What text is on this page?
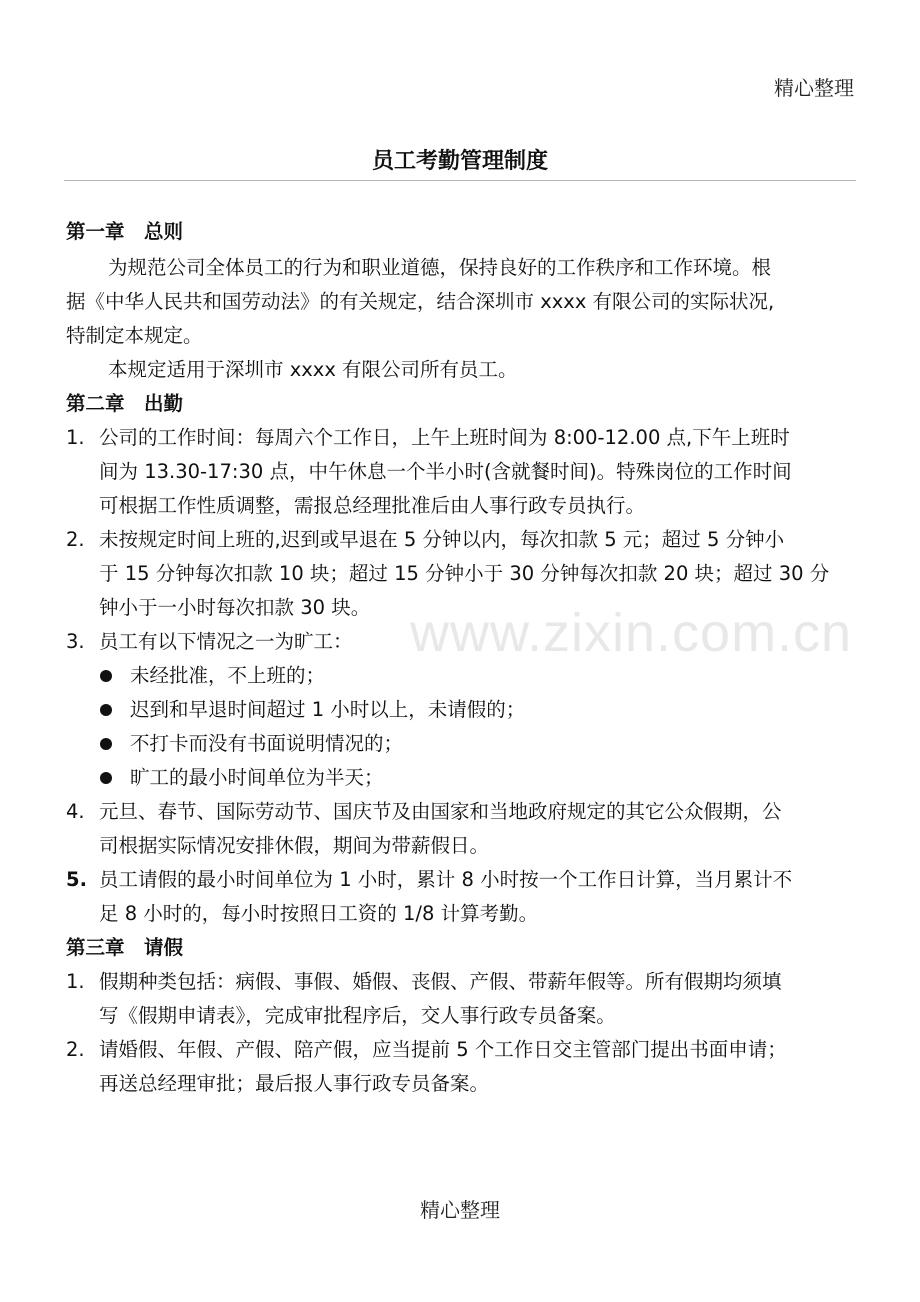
精心整理
员工考勤管理制度
第一章　总则
为规范公司全体员工的行为和职业道德，保持良好的工作秩序和工作环境。根
据《中华人民共和国劳动法》的有关规定，结合深圳市 xxxx 有限公司的实际状况,
特制定本规定。
本规定适用于深圳市 xxxx 有限公司所有员工。
第二章　出勤
1. 公司的工作时间：每周六个工作日，上午上班时间为 8:00-12.00 点,下午上班时
间为 13.30-17:30 点，中午休息一个半小时(含就餐时间)。特殊岗位的工作时间
可根据工作性质调整，需报总经理批准后由人事行政专员执行。
2. 未按规定时间上班的,迟到或早退在 5 分钟以内，每次扣款 5 元；超过 5 分钟小
于 15 分钟每次扣款 10 块；超过 15 分钟小于 30 分钟每次扣款 20 块；超过 30 分
钟小于一小时每次扣款 30 块。
3. 员工有以下情况之一为旷工：
未经批准，不上班的；
迟到和早退时间超过 1 小时以上，未请假的；
不打卡而没有书面说明情况的；
旷工的最小时间单位为半天；
4. 元旦、春节、国际劳动节、国庆节及由国家和当地政府规定的其它公众假期，公
司根据实际情况安排休假，期间为带薪假日。
5. 员工请假的最小时间单位为 1 小时，累计 8 小时按一个工作日计算，当月累计不
足 8 小时的，每小时按照日工资的 1/8 计算考勤。
第三章　请假
1. 假期种类包括：病假、事假、婚假、丧假、产假、带薪年假等。所有假期均须填
写《假期申请表》，完成审批程序后，交人事行政专员备案。
2. 请婚假、年假、产假、陪产假，应当提前 5 个工作日交主管部门提出书面申请；
再送总经理审批；最后报人事行政专员备案。
www.zixin.com.cn
精心整理
